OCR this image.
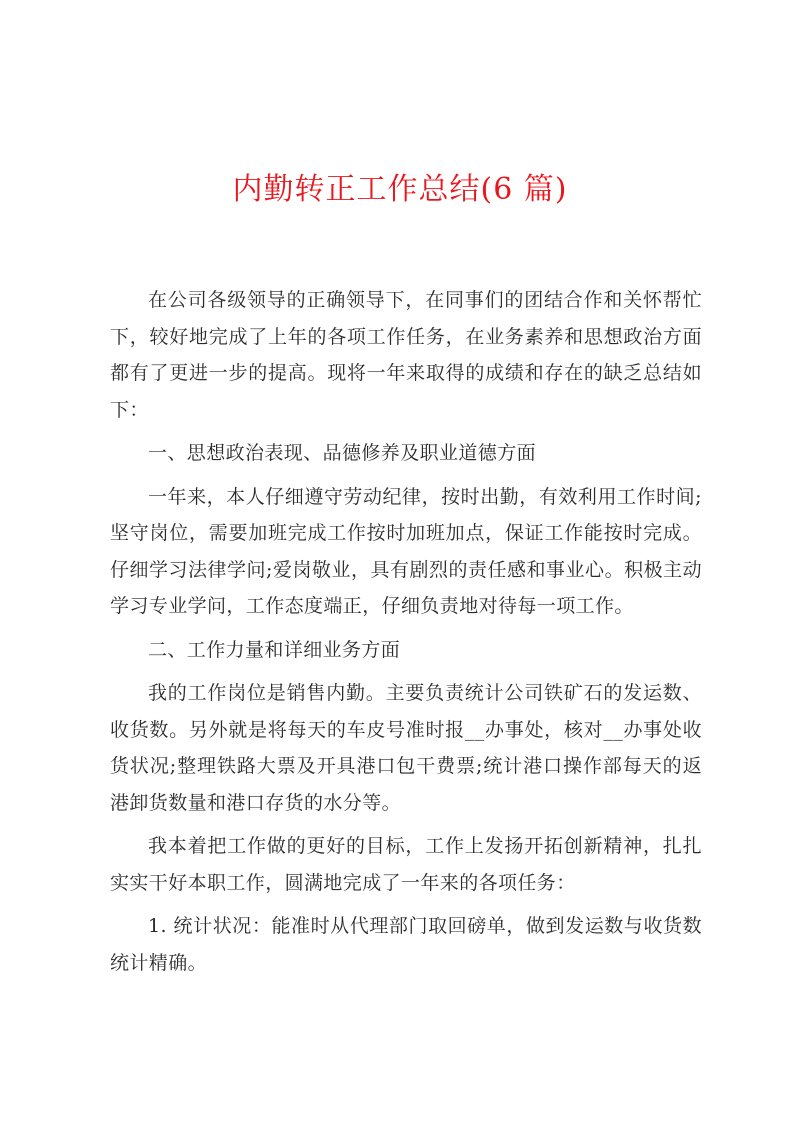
内勤转正工作总结(6 篇)

在公司各级领导的正确领导下，在同事们的团结合作和关怀帮忙下，较好地完成了上年的各项工作任务，在业务素养和思想政治方面都有了更进一步的提高。现将一年来取得的成绩和存在的缺乏总结如下：

一、思想政治表现、品德修养及职业道德方面

一年来，本人仔细遵守劳动纪律，按时出勤，有效利用工作时间;坚守岗位，需要加班完成工作按时加班加点，保证工作能按时完成。仔细学习法律学问;爱岗敬业，具有剧烈的责任感和事业心。积极主动学习专业学问，工作态度端正，仔细负责地对待每一项工作。

二、工作力量和详细业务方面

我的工作岗位是销售内勤。主要负责统计公司铁矿石的发运数、收货数。另外就是将每天的车皮号准时报__办事处，核对__办事处收货状况;整理铁路大票及开具港口包干费票;统计港口操作部每天的返港卸货数量和港口存货的水分等。

我本着把工作做的更好的目标，工作上发扬开拓创新精神，扎扎实实干好本职工作，圆满地完成了一年来的各项任务：

1. 统计状况：能准时从代理部门取回磅单，做到发运数与收货数统计精确。
